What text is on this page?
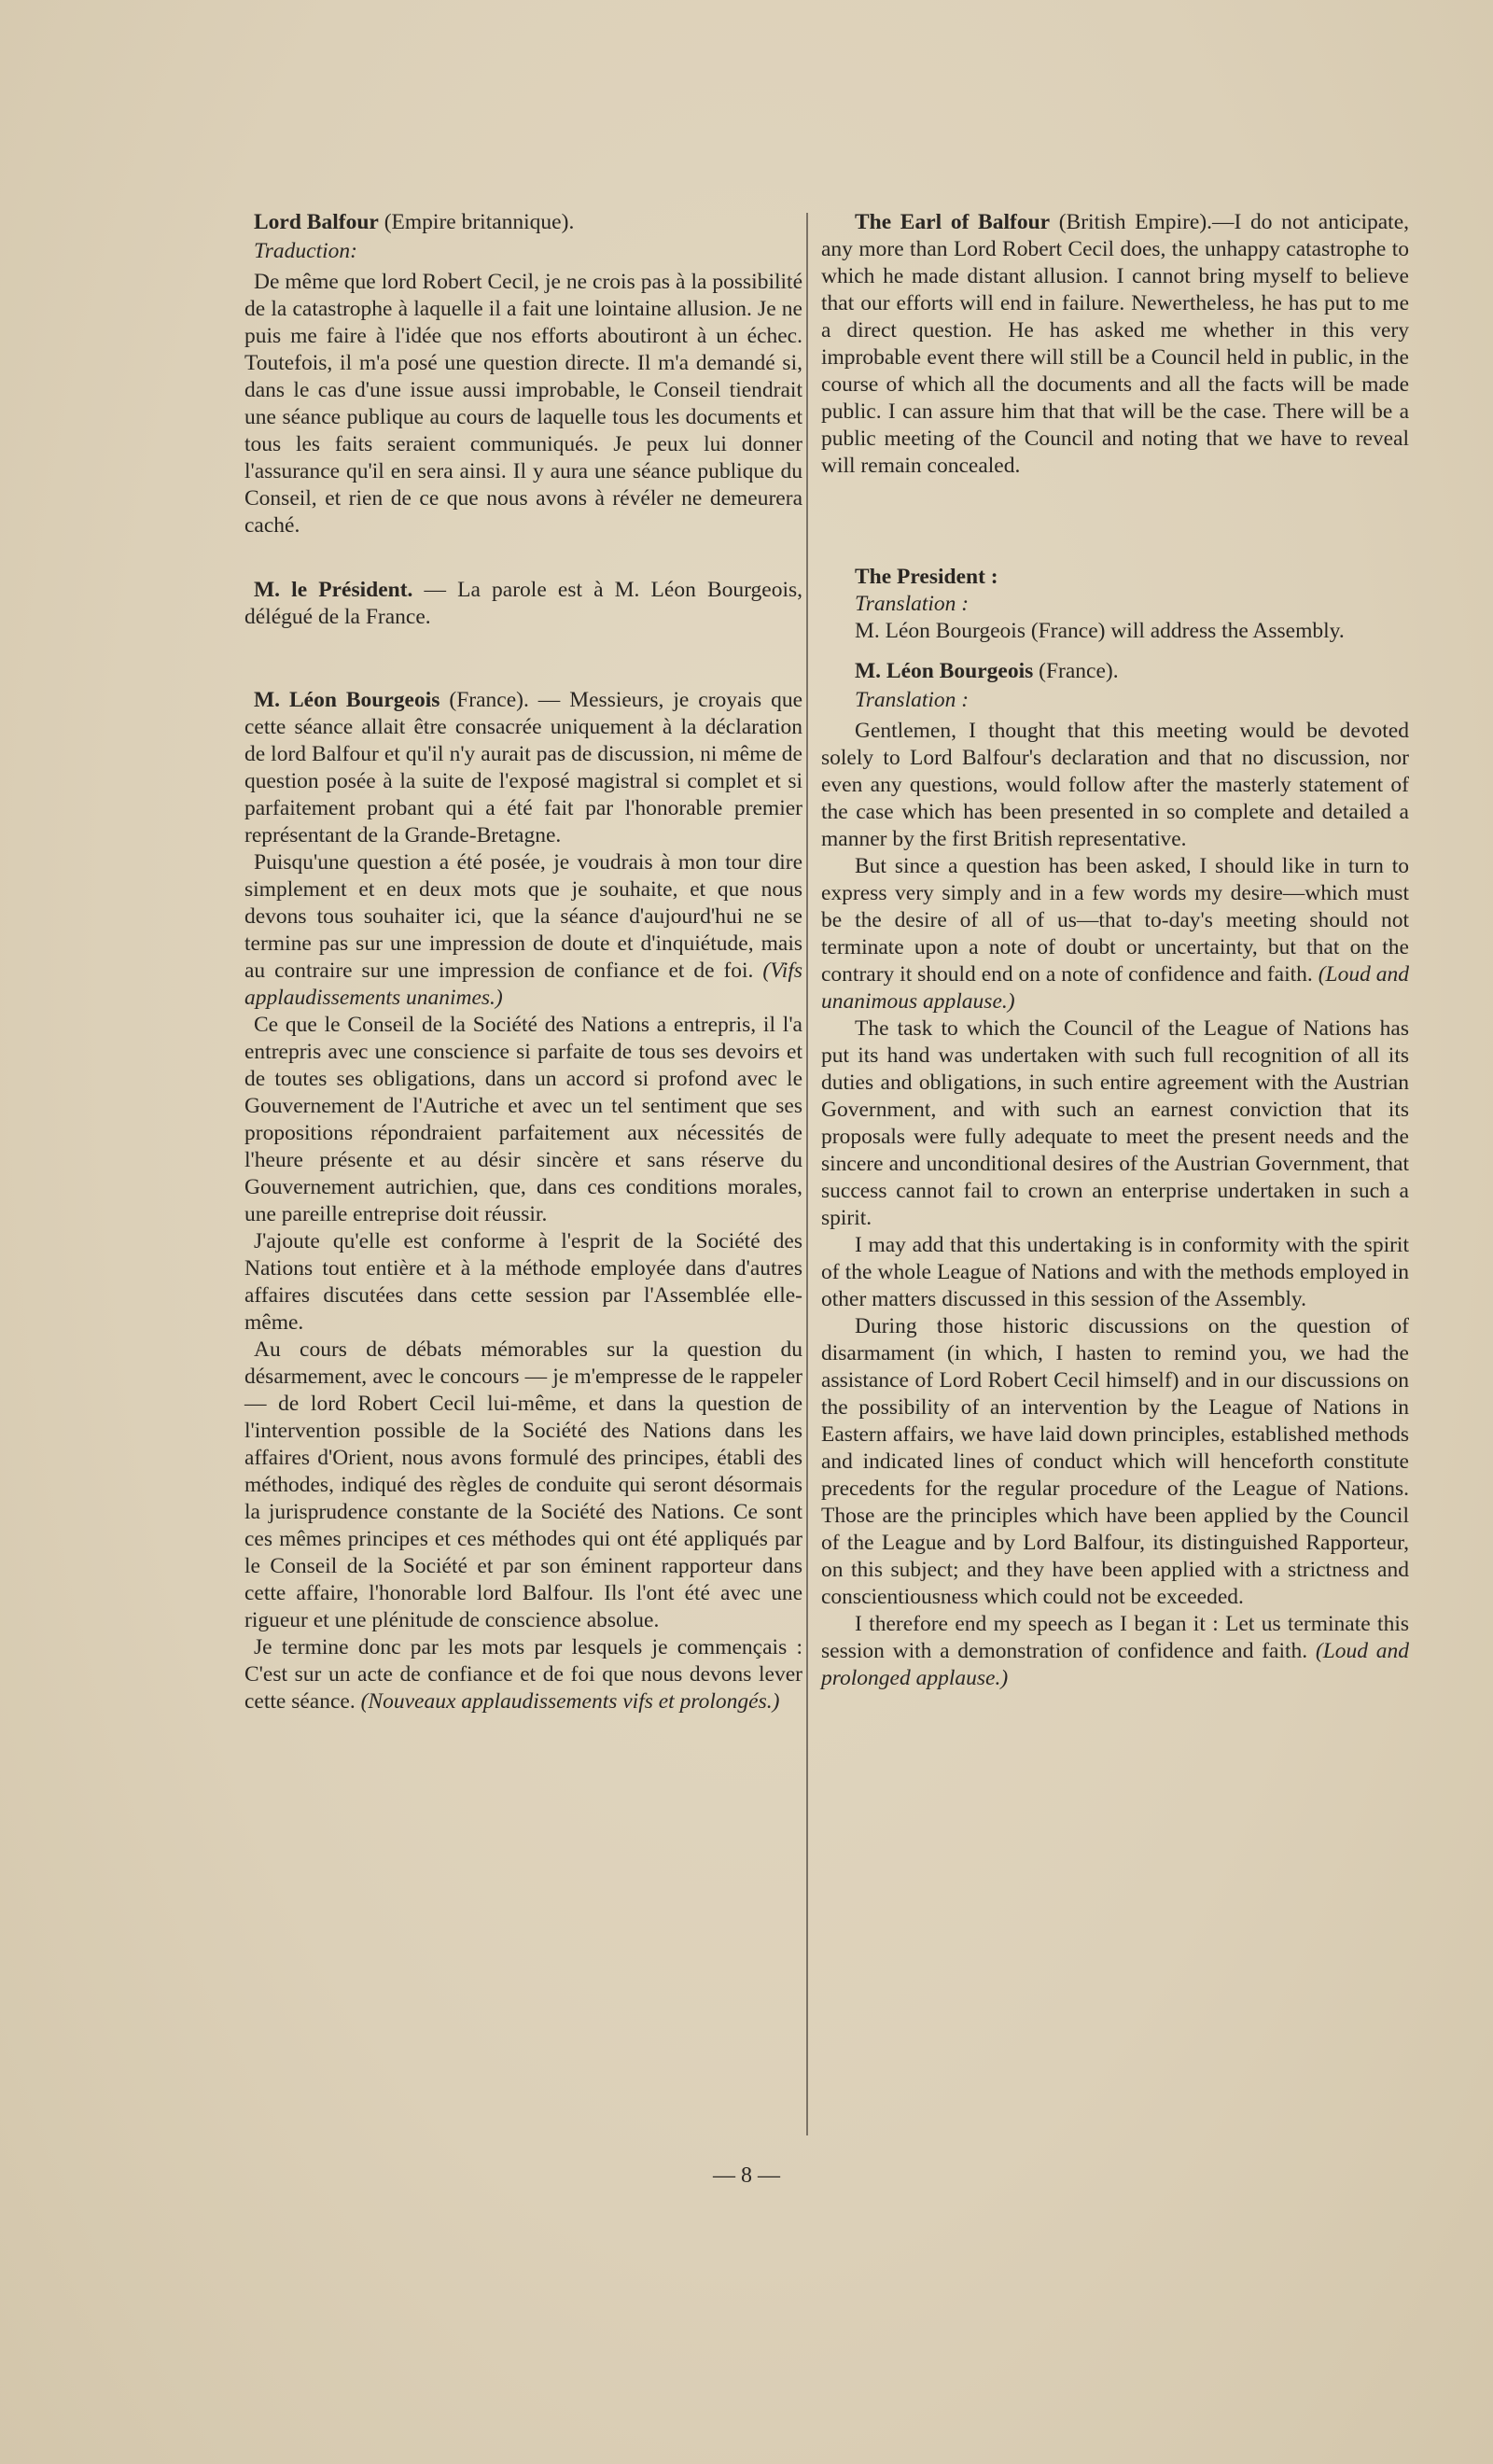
Lord Balfour (Empire britannique).

Traduction:

De même que lord Robert Cecil, je ne crois pas à la possibilité de la catastrophe à laquelle il a fait une lointaine allusion. Je ne puis me faire à l'idée que nos efforts aboutiront à un échec. Toutefois, il m'a posé une question directe. Il m'a demandé si, dans le cas d'une issue aussi improbable, le Conseil tiendrait une séance publique au cours de laquelle tous les documents et tous les faits seraient communiqués. Je peux lui donner l'assurance qu'il en sera ainsi. Il y aura une séance publique du Conseil, et rien de ce que nous avons à révéler ne demeurera caché.

M. le Président. — La parole est à M. Léon Bourgeois, délégué de la France.

M. Léon Bourgeois (France). — Messieurs, je croyais que cette séance allait être consacrée uniquement à la déclaration de lord Balfour et qu'il n'y aurait pas de discussion, ni même de question posée à la suite de l'exposé magistral si complet et si parfaitement probant qui a été fait par l'honorable premier représentant de la Grande-Bretagne.

Puisqu'une question a été posée, je voudrais à mon tour dire simplement et en deux mots que je souhaite, et que nous devons tous souhaiter ici, que la séance d'aujourd'hui ne se termine pas sur une impression de doute et d'inquiétude, mais au contraire sur une impression de confiance et de foi. (Vifs applaudissements unanimes.)

Ce que le Conseil de la Société des Nations a entrepris, il l'a entrepris avec une conscience si parfaite de tous ses devoirs et de toutes ses obligations, dans un accord si profond avec le Gouvernement de l'Autriche et avec un tel sentiment que ses propositions répondraient parfaitement aux nécessités de l'heure présente et au désir sincère et sans réserve du Gouvernement autrichien, que, dans ces conditions morales, une pareille entreprise doit réussir.

J'ajoute qu'elle est conforme à l'esprit de la Société des Nations tout entière et à la méthode employée dans d'autres affaires discutées dans cette session par l'Assemblée elle-même.

Au cours de débats mémorables sur la question du désarmement, avec le concours — je m'empresse de le rappeler — de lord Robert Cecil lui-même, et dans la question de l'intervention possible de la Société des Nations dans les affaires d'Orient, nous avons formulé des principes, établi des méthodes, indiqué des règles de conduite qui seront désormais la jurisprudence constante de la Société des Nations. Ce sont ces mêmes principes et ces méthodes qui ont été appliqués par le Conseil de la Société et par son éminent rapporteur dans cette affaire, l'honorable lord Balfour. Ils l'ont été avec une rigueur et une plénitude de conscience absolue.

Je termine donc par les mots par lesquels je commençais : C'est sur un acte de confiance et de foi que nous devons lever cette séance. (Nouveaux applaudissements vifs et prolongés.)

The Earl of Balfour (British Empire).—I do not anticipate, any more than Lord Robert Cecil does, the unhappy catastrophe to which he made distant allusion. I cannot bring myself to believe that our efforts will end in failure. Newertheless, he has put to me a direct question. He has asked me whether in this very improbable event there will still be a Council held in public, in the course of which all the documents and all the facts will be made public. I can assure him that that will be the case. There will be a public meeting of the Council and noting that we have to reveal will remain concealed.

The President :

Translation :

M. Léon Bourgeois (France) will address the Assembly.

M. Léon Bourgeois (France).

Translation :

Gentlemen, I thought that this meeting would be devoted solely to Lord Balfour's declaration and that no discussion, nor even any questions, would follow after the masterly statement of the case which has been presented in so complete and detailed a manner by the first British representative.

But since a question has been asked, I should like in turn to express very simply and in a few words my desire—which must be the desire of all of us—that to-day's meeting should not terminate upon a note of doubt or uncertainty, but that on the contrary it should end on a note of confidence and faith. (Loud and unanimous applause.)

The task to which the Council of the League of Nations has put its hand was undertaken with such full recognition of all its duties and obligations, in such entire agreement with the Austrian Government, and with such an earnest conviction that its proposals were fully adequate to meet the present needs and the sincere and unconditional desires of the Austrian Government, that success cannot fail to crown an enterprise undertaken in such a spirit.

I may add that this undertaking is in conformity with the spirit of the whole League of Nations and with the methods employed in other matters discussed in this session of the Assembly.

During those historic discussions on the question of disarmament (in which, I hasten to remind you, we had the assistance of Lord Robert Cecil himself) and in our discussions on the possibility of an intervention by the League of Nations in Eastern affairs, we have laid down principles, established methods and indicated lines of conduct which will henceforth constitute precedents for the regular procedure of the League of Nations. Those are the principles which have been applied by the Council of the League and by Lord Balfour, its distinguished Rapporteur, on this subject; and they have been applied with a strictness and conscientiousness which could not be exceeded.

I therefore end my speech as I began it : Let us terminate this session with a demonstration of confidence and faith. (Loud and prolonged applause.)

— 8 —
